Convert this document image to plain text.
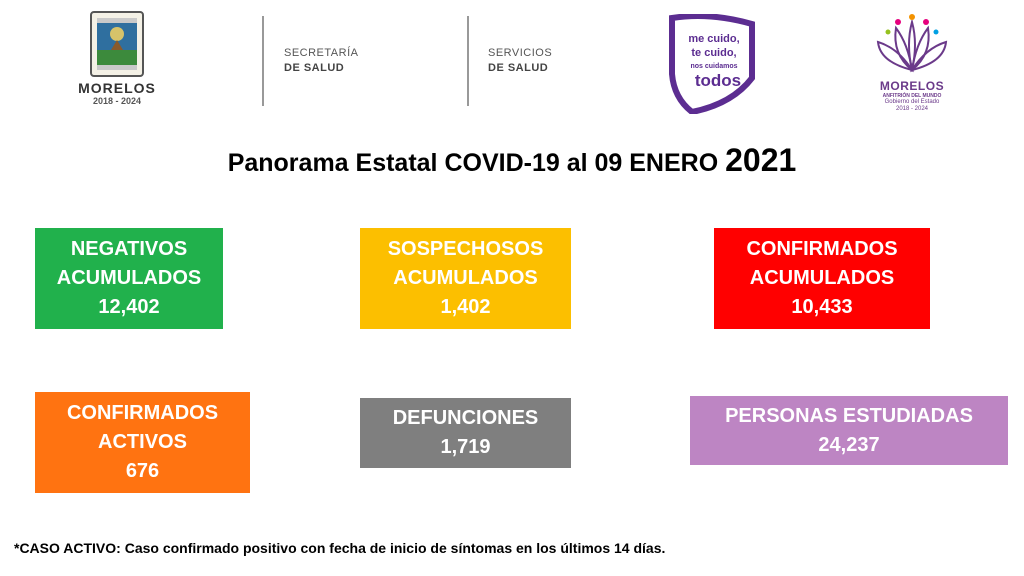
MORELOS
2018 - 2024
SECRETARÍA
DE SALUD
SERVICIOS
DE SALUD
me cuido,
te cuido,
nos cuidamos
todos	MORELOS
ANFITRIÓN DEL MUNDO
Gobierno del Estado
2018 - 2024
Panorama Estatal COVID-19 al 09 ENERO 2021
NEGATIVOS
ACUMULADOS
12,402
SOSPECHOSOS
ACUMULADOS
1,402
CONFIRMADOS
ACUMULADOS
10,433
CONFIRMADOS
ACTIVOS
676
DEFUNCIONES
1,719
PERSONAS ESTUDIADAS
24,237
*CASO ACTIVO: Caso confirmado positivo con fecha de inicio de síntomas en los últimos 14 días.
